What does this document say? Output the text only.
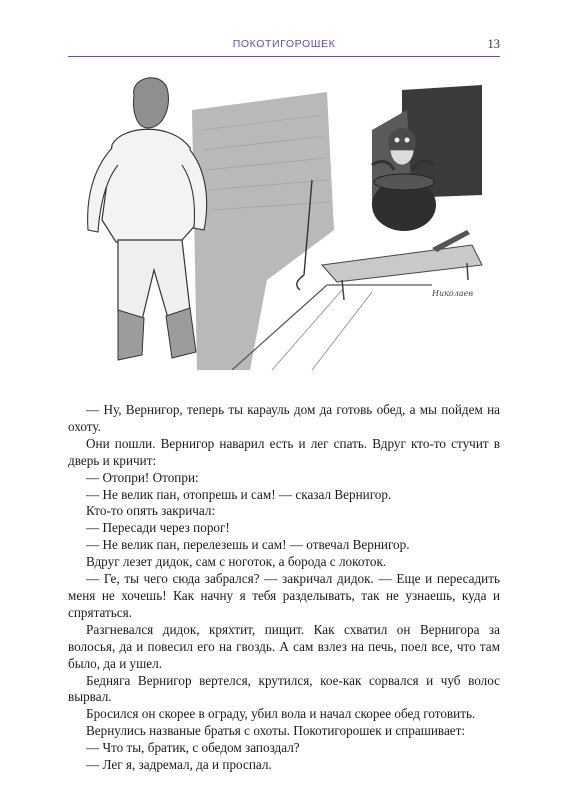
ПОКОТИГОРОШЕК	13
Николаев

— Ну, Вернигор, теперь ты карауль дом да готовь обед, а мы пойдем на охоту.

Они пошли. Вернигор наварил есть и лег спать. Вдруг кто-то стучит в дверь и кричит:

— Отопри! Отопри:

— Не велик пан, отопрешь и сам! — сказал Вернигор.

Кто-то опять закричал:

— Пересади через порог!

— Не велик пан, перелезешь и сам! — отвечал Вернигор.

Вдруг лезет дидок, сам с ноготок, а борода с локоток.

— Ге, ты чего сюда забрался? — закричал дидок. — Еще и пересадить меня не хочешь! Как начну я тебя разделывать, так не узнаешь, куда и спрятаться.

Разгневался дидок, кряхтит, пищит. Как схватил он Вернигора за волосья, да и повесил его на гвоздь. А сам взлез на печь, поел все, что там было, да и ушел.

Бедняга Вернигор вертелся, крутился, кое-как сорвался и чуб волос вырвал.

Бросился он скорее в ограду, убил вола и начал скорее обед готовить.

Вернулись названые братья с охоты. Покотигорошек и спрашивает:

— Что ты, братик, с обедом запоздал?

— Лег я, задремал, да и проспал.
